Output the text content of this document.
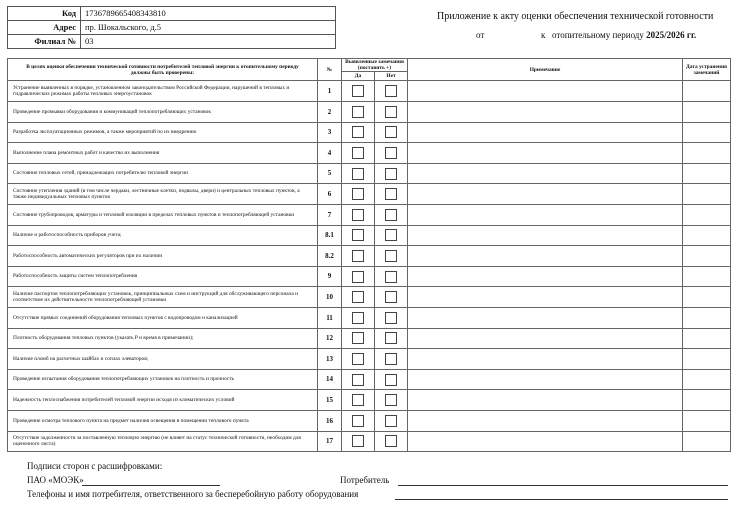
Код	17367896654083438​10
Адрес	пр. Шокальского, д.5
Филиал №	03
Приложение к акту оценки обеспечения технической готовности
от	к отопительному периоду 2025/2026 гг.
В целях оценки обеспечения технической готовности потребителей тепловой энергии к отопительному периоду должны быть проверены:	№	Выявленные замечания (поставить +)		Примечание	Дата устранения замечаний
		Да	Нет		
Устранение выявленных в порядке, установленном законодательством Российской Федерации, нарушений в тепловых и гидравлических режимах работы тепловых энергоустановок	1				
Проведение промывки оборудования и коммуникаций теплопотребляющих установок	2				
Разработка эксплуатационных режимов, а также мероприятий по их внедрению	3				
Выполнение плана ремонтных работ и качество их выполнения	4				
Состояние тепловых сетей, принадлежащих потребителю тепловой энергии	5				
Состояние утепления зданий (в том числе чердаки, лестничные клетки, подвалы, двери) и центральных тепловых пунктов, а также индивидуальных тепловых пунктов	6				
Состояние трубопроводов, арматуры и тепловой изоляции в пределах тепловых пунктов и теплопотребляющей установки	7				
Наличие и работоспособность приборов учета;	8.1				
Работоспособность автоматических регуляторов при их наличии	8.2				
Работоспособность защиты систем теплопотребления	9				
Наличие паспортов теплопотребляющих установок, принципиальных схем и инструкций для обслуживающего персонала и соответствие их действительности теплопотребляющей установки	10				
Отсутствие прямых соединений оборудования тепловых пунктов с водопроводом и канализацией	11				
Плотность оборудования тепловых пунктов (указать P и время в примечании);	12				
Наличие пломб на расчетных шайбах и соплах элеваторов;	13				
Проведение испытания оборудования теплопотребляющих установок на плотность и прочность	14				
Надежность теплоснабжения потребителей тепловой энергии исходя из климатических условий	15				
Проведение осмотра теплового пункта на предмет наличия освещения в помещении теплового пункта	16				
Отсутствие задолженности за поставленную тепловую энергию (не влияет на статус технической готовности, необходим для оценочного листа)	17				
Подписи сторон с расшифровками:
ПАО «МОЭК»	Потребитель
Телефоны и имя потребителя, ответственного за бесперебойную работу оборудования
